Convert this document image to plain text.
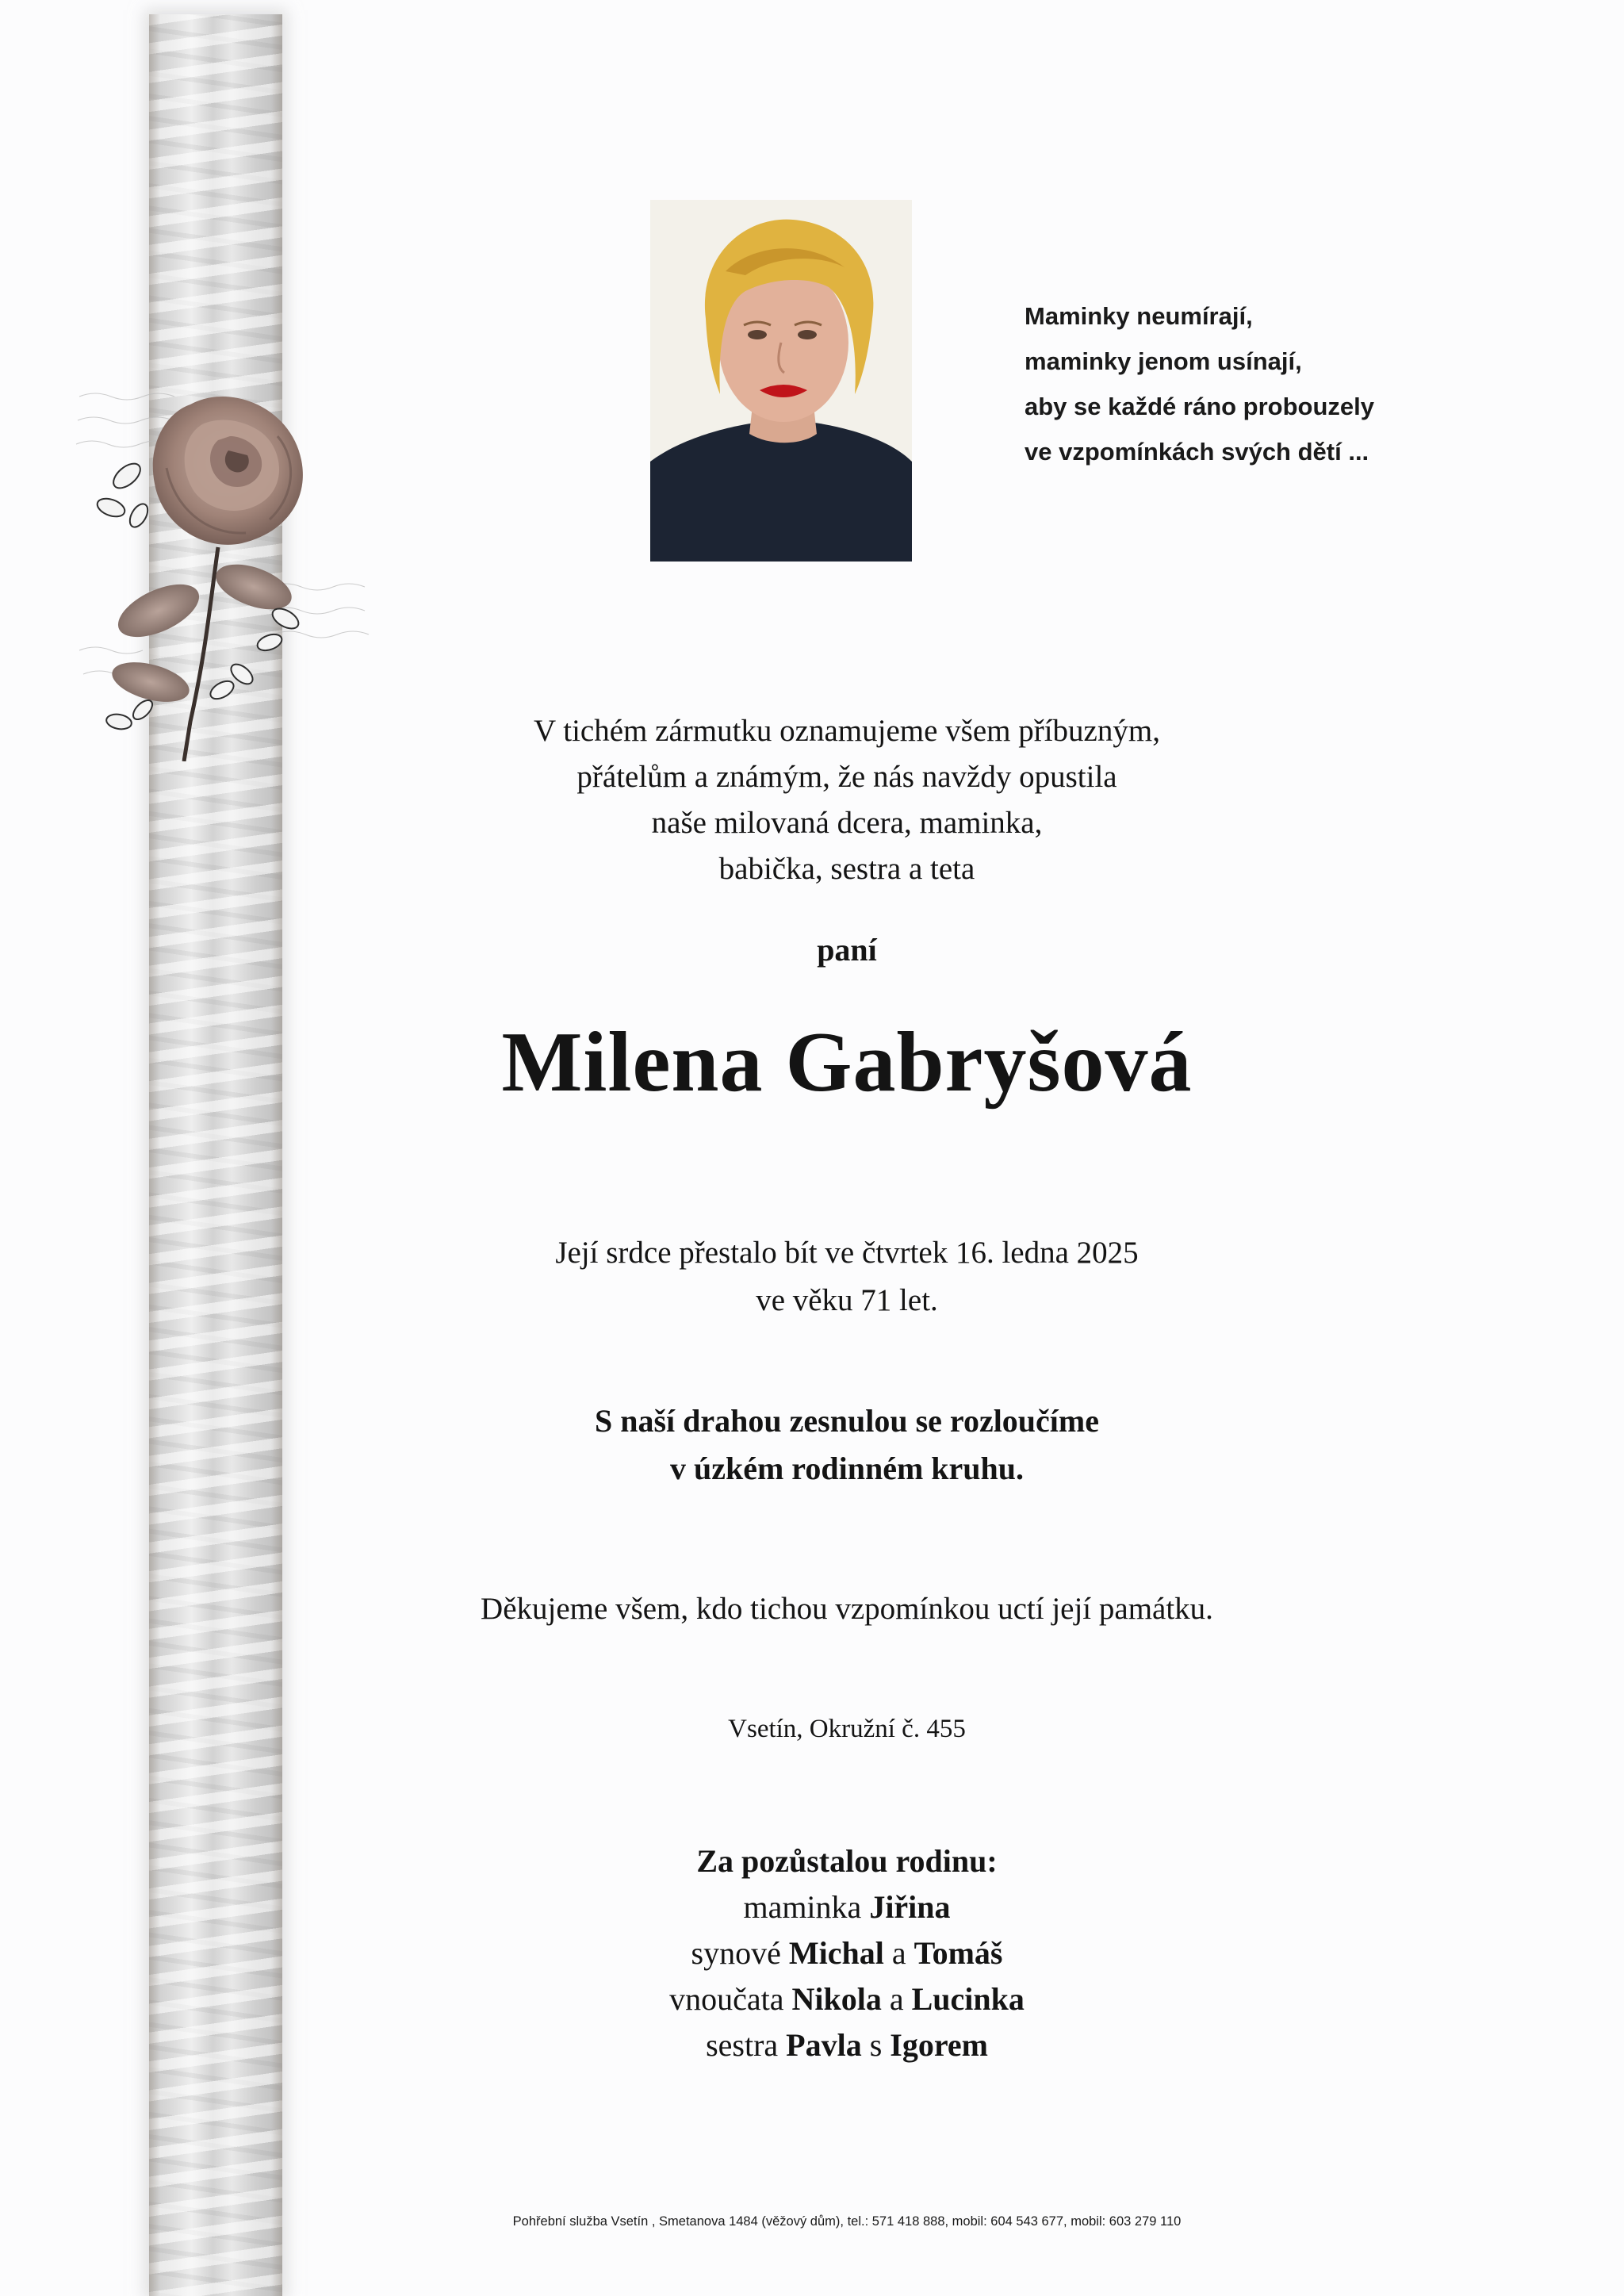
Maminky neumírají,
maminky jenom usínají,
aby se každé ráno probouzely
ve vzpomínkách svých dětí ...
V tichém zármutku oznamujeme všem příbuzným,
přátelům a známým, že nás navždy opustila
naše milovaná dcera, maminka,
babička, sestra a teta
paní
Milena Gabryšová
Její srdce přestalo bít ve čtvrtek 16. ledna 2025
ve věku 71 let.
S naší drahou zesnulou se rozloučíme
v úzkém rodinném kruhu.
Děkujeme všem, kdo tichou vzpomínkou uctí její památku.
Vsetín, Okružní č. 455
Za pozůstalou rodinu:
maminka Jiřina
synové Michal a Tomáš
vnoučata Nikola a Lucinka
sestra Pavla s Igorem
Pohřební služba Vsetín , Smetanova 1484 (věžový dům), tel.: 571 418 888, mobil: 604 543 677, mobil: 603 279 110
